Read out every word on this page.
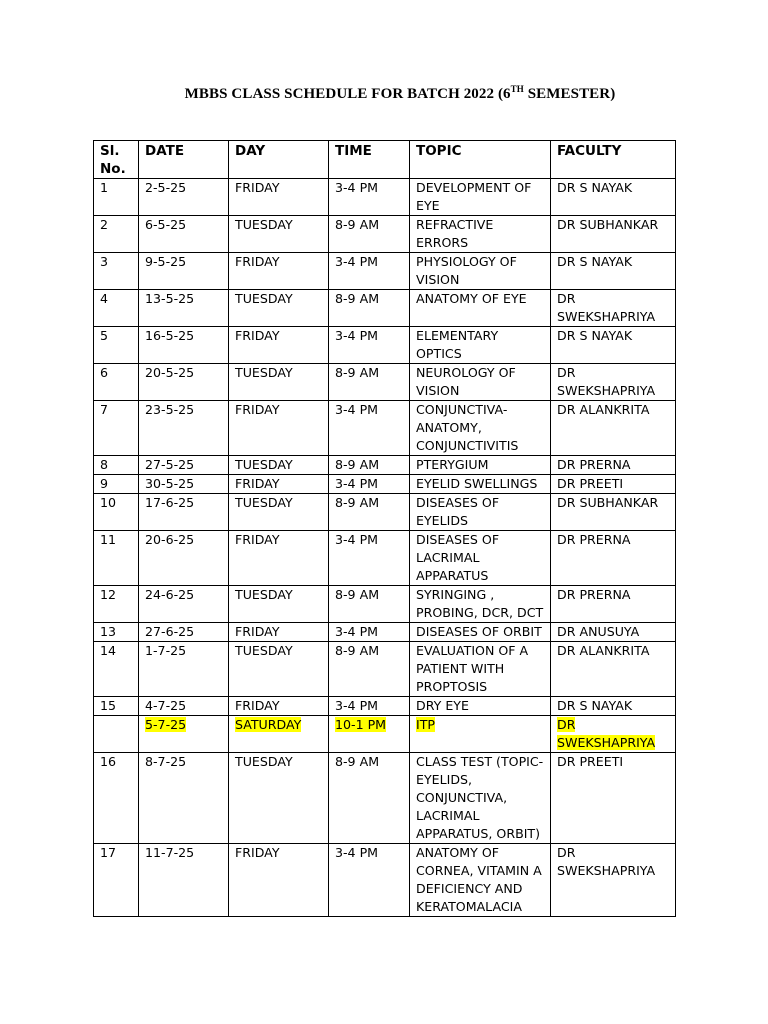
MBBS CLASS SCHEDULE FOR BATCH 2022 (6TH SEMESTER)
Sl. No.	DATE	DAY	TIME	TOPIC	FACULTY
1	2-5-25	FRIDAY	3-4 PM	DEVELOPMENT OF EYE	DR S NAYAK
2	6-5-25	TUESDAY	8-9 AM	REFRACTIVE ERRORS	DR SUBHANKAR
3	9-5-25	FRIDAY	3-4 PM	PHYSIOLOGY OF VISION	DR S NAYAK
4	13-5-25	TUESDAY	8-9 AM	ANATOMY OF EYE	DR SWEKSHAPRIYA
5	16-5-25	FRIDAY	3-4 PM	ELEMENTARY OPTICS	DR S NAYAK
6	20-5-25	TUESDAY	8-9 AM	NEUROLOGY OF VISION	DR SWEKSHAPRIYA
7	23-5-25	FRIDAY	3-4 PM	CONJUNCTIVA-ANATOMY, CONJUNCTIVITIS	DR ALANKRITA
8	27-5-25	TUESDAY	8-9 AM	PTERYGIUM	DR PRERNA
9	30-5-25	FRIDAY	3-4 PM	EYELID SWELLINGS	DR PREETI
10	17-6-25	TUESDAY	8-9 AM	DISEASES OF EYELIDS	DR SUBHANKAR
11	20-6-25	FRIDAY	3-4 PM	DISEASES OF LACRIMAL APPARATUS	DR PRERNA
12	24-6-25	TUESDAY	8-9 AM	SYRINGING , PROBING, DCR, DCT	DR PRERNA
13	27-6-25	FRIDAY	3-4 PM	DISEASES OF ORBIT	DR ANUSUYA
14	1-7-25	TUESDAY	8-9 AM	EVALUATION OF A PATIENT WITH PROPTOSIS	DR ALANKRITA
15	4-7-25	FRIDAY	3-4 PM	DRY EYE	DR S NAYAK
	5-7-25	SATURDAY	10-1 PM	ITP	DR SWEKSHAPRIYA
16	8-7-25	TUESDAY	8-9 AM	CLASS TEST (TOPIC-EYELIDS, CONJUNCTIVA, LACRIMAL APPARATUS, ORBIT)	DR PREETI
17	11-7-25	FRIDAY	3-4 PM	ANATOMY OF CORNEA, VITAMIN A DEFICIENCY AND KERATOMALACIA	DR SWEKSHAPRIYA
